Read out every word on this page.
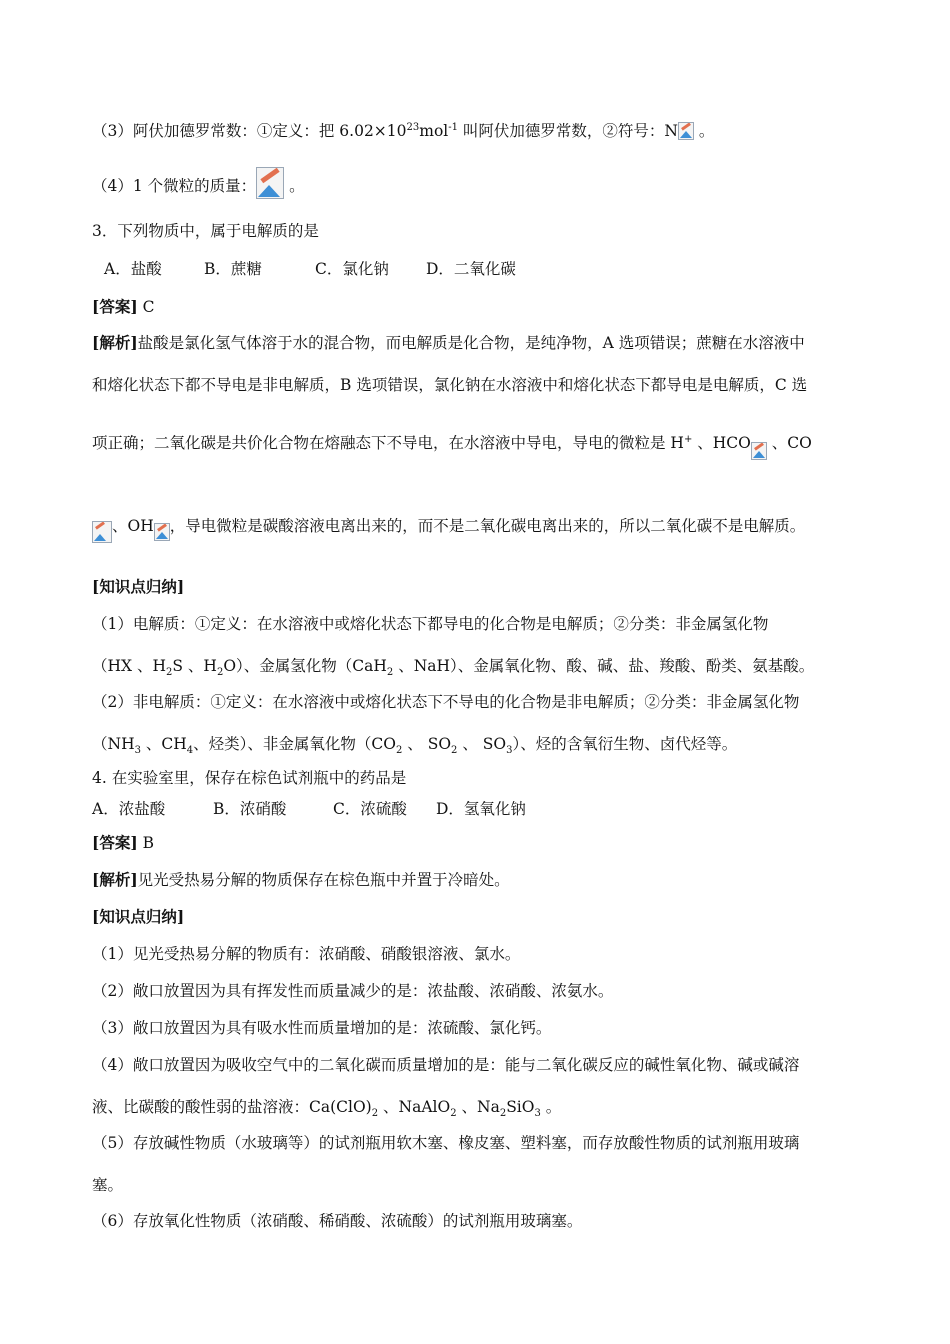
（3）阿伏加德罗常数：①定义：把 $6.02\times 10^{23}mol^{-1}$ 叫阿伏加德罗常数，②符号：N 。
（4）1 个微粒的质量： 。
3．下列物质中，属于电解质的是
A．盐酸	B．蔗糖	C．氯化钠 D．二氧化碳
[答案] C
[解析]盐酸是氯化氢气体溶于水的混合物，而电解质是化合物，是纯净物，A 选项错误；蔗糖在水溶液中
和熔化状态下都不导电是非电解质，B 选项错误，氯化钠在水溶液中和熔化状态下都导电是电解质，C 选
项正确；二氧化碳是共价化合物在熔融态下不导电，在水溶液中导电，导电的微粒是 H+ 、HCO 、CO
、OH ，导电微粒是碳酸溶液电离出来的，而不是二氧化碳电离出来的，所以二氧化碳不是电解质。
[知识点归纳]
（1）电解质：①定义：在水溶液中或熔化状态下都导电的化合物是电解质；②分类：非金属氢化物
（HX 、$H_2S$ 、$H_2O$）、金属氢化物（CaH$_2$ 、NaH）、金属氧化物、酸、碱、盐、羧酸、酚类、氨基酸。
（2）非电解质：①定义：在水溶液中或熔化状态下不导电的化合物是非电解质；②分类：非金属氢化物
（$NH_3$ 、$CH_4$、烃类）、非金属氧化物（$CO_2$ 、 $SO_2$ 、 $SO_3$）、烃的含氧衍生物、卤代烃等。
4. 在实验室里，保存在棕色试剂瓶中的药品是
A．浓盐酸	B．浓硝酸	C．浓硫酸 D．氢氧化钠
[答案] B
[解析]见光受热易分解的物质保存在棕色瓶中并置于冷暗处。
[知识点归纳]
（1）见光受热易分解的物质有：浓硝酸、硝酸银溶液、氯水。
（2）敞口放置因为具有挥发性而质量减少的是：浓盐酸、浓硝酸、浓氨水。
（3）敞口放置因为具有吸水性而质量增加的是：浓硫酸、氯化钙。
（4）敞口放置因为吸收空气中的二氧化碳而质量增加的是：能与二氧化碳反应的碱性氧化物、碱或碱溶
液、比碳酸的酸性弱的盐溶液：$Ca(ClO)_2$ 、NaAlO$_2$ 、$Na_2SiO_3$ 。
（5）存放碱性物质（水玻璃等）的试剂瓶用软木塞、橡皮塞、塑料塞，而存放酸性物质的试剂瓶用玻璃
塞。
（6）存放氧化性物质（浓硝酸、稀硝酸、浓硫酸）的试剂瓶用玻璃塞。
